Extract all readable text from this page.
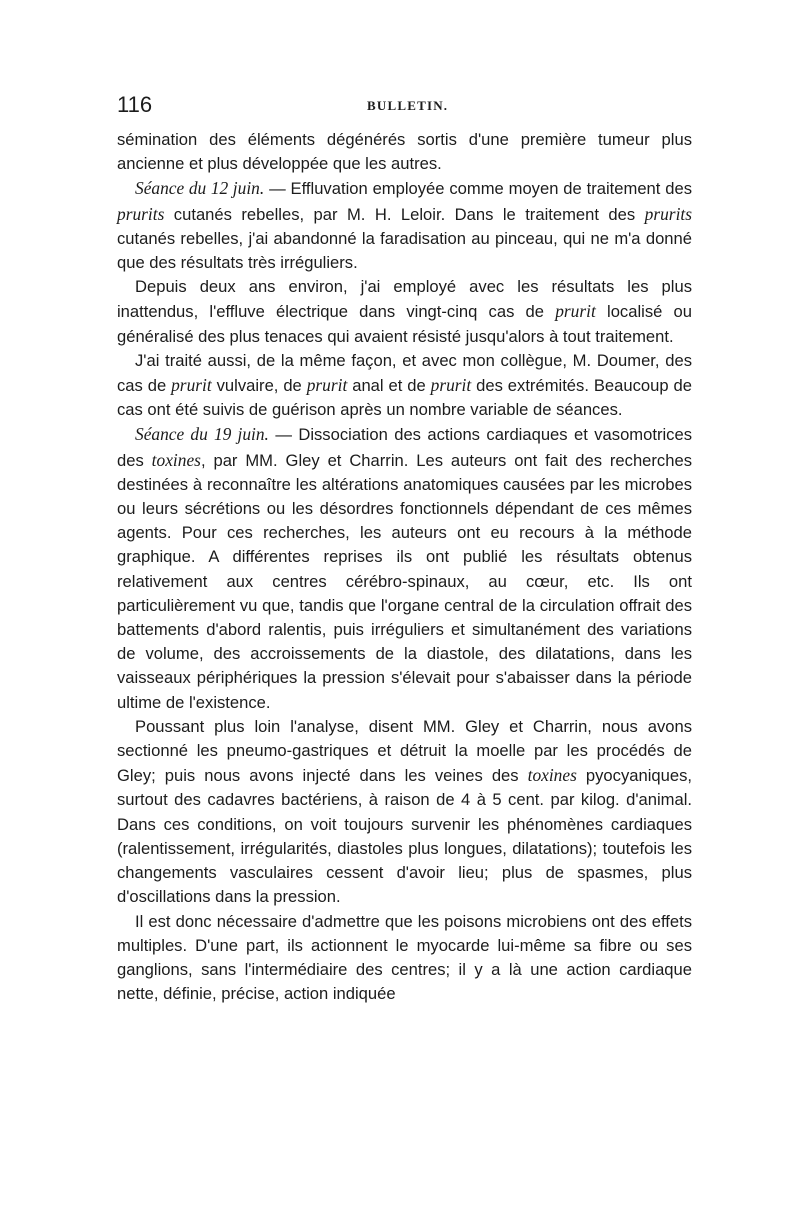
116	BULLETIN.

sémination des éléments dégénérés sortis d'une première tumeur plus ancienne et plus développée que les autres.

Séance du 12 juin. — Effluvation employée comme moyen de traitement des prurits cutanés rebelles, par M. H. Leloir. Dans le traitement des prurits cutanés rebelles, j'ai abandonné la faradisation au pinceau, qui ne m'a donné que des résultats très irréguliers.

Depuis deux ans environ, j'ai employé avec les résultats les plus inattendus, l'effluve électrique dans vingt-cinq cas de prurit localisé ou généralisé des plus tenaces qui avaient résisté jusqu'alors à tout traitement.

J'ai traité aussi, de la même façon, et avec mon collègue, M. Doumer, des cas de prurit vulvaire, de prurit anal et de prurit des extrémités. Beaucoup de cas ont été suivis de guérison après un nombre variable de séances.

Séance du 19 juin. — Dissociation des actions cardiaques et vasomotrices des toxines, par MM. Gley et Charrin. Les auteurs ont fait des recherches destinées à reconnaître les altérations anatomiques causées par les microbes ou leurs sécrétions ou les désordres fonctionnels dépendant de ces mêmes agents. Pour ces recherches, les auteurs ont eu recours à la méthode graphique. A différentes reprises ils ont publié les résultats obtenus relativement aux centres cérébro-spinaux, au cœur, etc. Ils ont particulièrement vu que, tandis que l'organe central de la circulation offrait des battements d'abord ralentis, puis irréguliers et simultanément des variations de volume, des accroissements de la diastole, des dilatations, dans les vaisseaux périphériques la pression s'élevait pour s'abaisser dans la période ultime de l'existence.

Poussant plus loin l'analyse, disent MM. Gley et Charrin, nous avons sectionné les pneumo-gastriques et détruit la moelle par les procédés de Gley; puis nous avons injecté dans les veines des toxines pyocyaniques, surtout des cadavres bactériens, à raison de 4 à 5 cent. par kilog. d'animal. Dans ces conditions, on voit toujours survenir les phénomènes cardiaques (ralentissement, irrégularités, diastoles plus longues, dilatations); toutefois les changements vasculaires cessent d'avoir lieu; plus de spasmes, plus d'oscillations dans la pression.

Il est donc nécessaire d'admettre que les poisons microbiens ont des effets multiples. D'une part, ils actionnent le myocarde lui-même sa fibre ou ses ganglions, sans l'intermédiaire des centres; il y a là une action cardiaque nette, définie, précise, action indiquée
